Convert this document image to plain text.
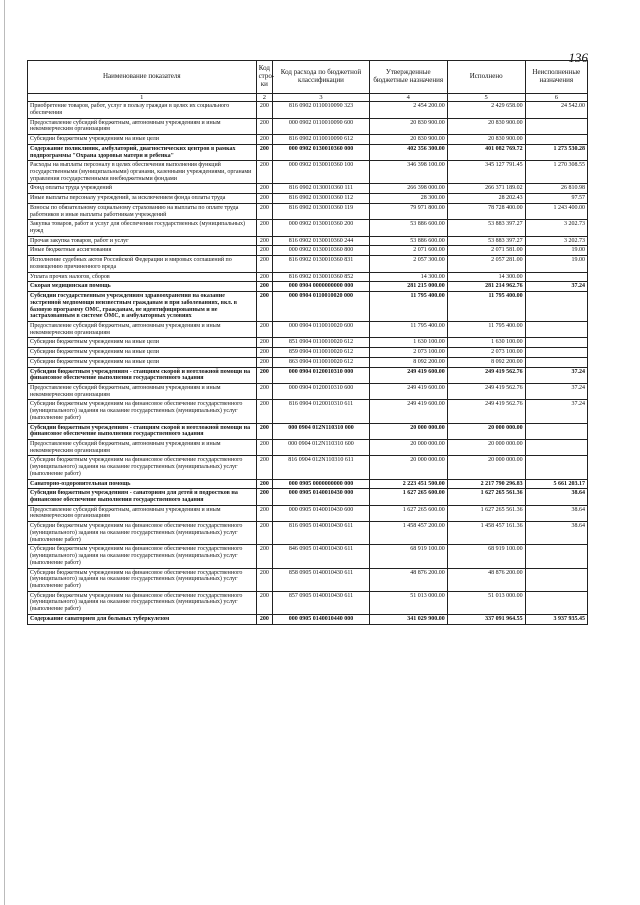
136
Наименование показателя	Код стро-ки	Код расхода по бюджетной классификации	Утвержденные бюджетные назначения	Исполнено	Неисполненные назначения
1	2	3	4	5	6
Приобретение товаров, работ, услуг в пользу граждан в целях их социального обеспечения	200	816 0902 0110010090 323	2 454 200.00	2 429 658.00	24 542.00
Предоставление субсидий бюджетным, автономным учреждениям и иным некоммерческим организациям	200	000 0902 0110010090 600	20 830 900.00	20 830 900.00	
Субсидии бюджетным учреждениям на иные цели	200	816 0902 0110010090 612	20 830 900.00	20 830 900.00	
Содержание поликлиник, амбулаторий, диагностических центров в рамках подпрограммы "Охрана здоровья матери и ребенка"	200	000 0902 0130010360 000	402 356 300.00	401 082 769.72	1 273 530.28
Расходы на выплаты персоналу в целях обеспечения выполнения функций государственными (муниципальными) органами, казенными учреждениями, органами управления государственными внебюджетными фондами	200	000 0902 0130010360 100	346 398 100.00	345 127 791.45	1 270 308.55
Фонд оплаты труда учреждений	200	816 0902 0130010360 111	266 398 000.00	266 371 189.02	26 810.98
Иные выплаты персоналу учреждений, за исключением фонда оплаты труда	200	816 0902 0130010360 112	28 300.00	28 202.43	97.57
Взносы по обязательному социальному страхованию на выплаты по оплате труда работников и иные выплаты работникам учреждений	200	816 0902 0130010360 119	79 971 800.00	78 728 400.00	1 243 400.00
Закупка товаров, работ и услуг для обеспечения государственных (муниципальных) нужд	200	000 0902 0130010360 200	53 886 600.00	53 883 397.27	3 202.73
Прочая закупка товаров, работ и услуг	200	816 0902 0130010360 244	53 886 600.00	53 883 397.27	3 202.73
Иные бюджетные ассигнования	200	000 0902 0130010360 800	2 071 600.00	2 071 581.00	19.00
Исполнение судебных актов Российской Федерации и мировых соглашений по возмещению причиненного вреда	200	816 0902 0130010360 831	2 057 300.00	2 057 281.00	19.00
Уплата прочих налогов, сборов	200	816 0902 0130010360 852	14 300.00	14 300.00	
Скорая медицинская помощь	200	000 0904 0000000000 000	281 215 000.00	281 214 962.76	37.24
Субсидии государственным учреждениям здравоохранения на оказание экстренной медпомощи неизвестным гражданам и при заболеваниях, вкл. в базовую программу ОМС, гражданам, не идентифицированным и не застрахованным в системе ОМС, в амбулаторных условиях	200	000 0904 0110010020 000	11 795 400.00	11 795 400.00	
Предоставление субсидий бюджетным, автономным учреждениям и иным некоммерческим организациям	200	000 0904 0110010020 600	11 795 400.00	11 795 400.00	
Субсидии бюджетным учреждениям на иные цели	200	851 0904 0110010020 612	1 630 100.00	1 630 100.00	
Субсидии бюджетным учреждениям на иные цели	200	859 0904 0110010020 612	2 073 100.00	2 073 100.00	
Субсидии бюджетным учреждениям на иные цели	200	863 0904 0110010020 612	8 092 200.00	8 092 200.00	
Субсидии бюджетным учреждениям - станциям скорой и неотложной помощи на финансовое обеспечение выполнения государственного задания	200	000 0904 0120010310 000	249 419 600.00	249 419 562.76	37.24
Предоставление субсидий бюджетным, автономным учреждениям и иным некоммерческим организациям	200	000 0904 0120010310 600	249 419 600.00	249 419 562.76	37.24
Субсидии бюджетным учреждениям на финансовое обеспечение государственного (муниципального) задания на оказание государственных (муниципальных) услуг (выполнение работ)	200	816 0904 0120010310 611	249 419 600.00	249 419 562.76	37.24
Субсидии бюджетным учреждениям - станциям скорой и неотложной помощи на финансовое обеспечение выполнения государственного задания	200	000 0904 012N110310 000	20 000 000.00	20 000 000.00	
Предоставление субсидий бюджетным, автономным учреждениям и иным некоммерческим организациям	200	000 0904 012N110310 600	20 000 000.00	20 000 000.00	
Субсидии бюджетным учреждениям на финансовое обеспечение государственного (муниципального) задания на оказание государственных (муниципальных) услуг (выполнение работ)	200	816 0904 012N110310 611	20 000 000.00	20 000 000.00	
Санаторно-оздоровительная помощь	200	000 0905 0000000000 000	2 223 451 500.00	2 217 790 296.83	5 661 203.17
Субсидии бюджетным учреждениям - санаториям для детей и подростков на финансовое обеспечение выполнения государственного задания	200	000 0905 0140010430 000	1 627 265 600.00	1 627 265 561.36	38.64
Предоставление субсидий бюджетным, автономным учреждениям и иным некоммерческим организациям	200	000 0905 0140010430 600	1 627 265 600.00	1 627 265 561.36	38.64
Субсидии бюджетным учреждениям на финансовое обеспечение государственного (муниципального) задания на оказание государственных (муниципальных) услуг (выполнение работ)	200	816 0905 0140010430 611	1 458 457 200.00	1 458 457 161.36	38.64
Субсидии бюджетным учреждениям на финансовое обеспечение государственного (муниципального) задания на оказание государственных (муниципальных) услуг (выполнение работ)	200	846 0905 0140010430 611	68 919 100.00	68 919 100.00	
Субсидии бюджетным учреждениям на финансовое обеспечение государственного (муниципального) задания на оказание государственных (муниципальных) услуг (выполнение работ)	200	858 0905 0140010430 611	48 876 200.00	48 876 200.00	
Субсидии бюджетным учреждениям на финансовое обеспечение государственного (муниципального) задания на оказание государственных (муниципальных) услуг (выполнение работ)	200	857 0905 0140010430 611	51 013 000.00	51 013 000.00	
Содержание санаториев для больных туберкулезом	200	000 0905 0140010440 000	341 029 900.00	337 091 964.55	3 937 935.45
